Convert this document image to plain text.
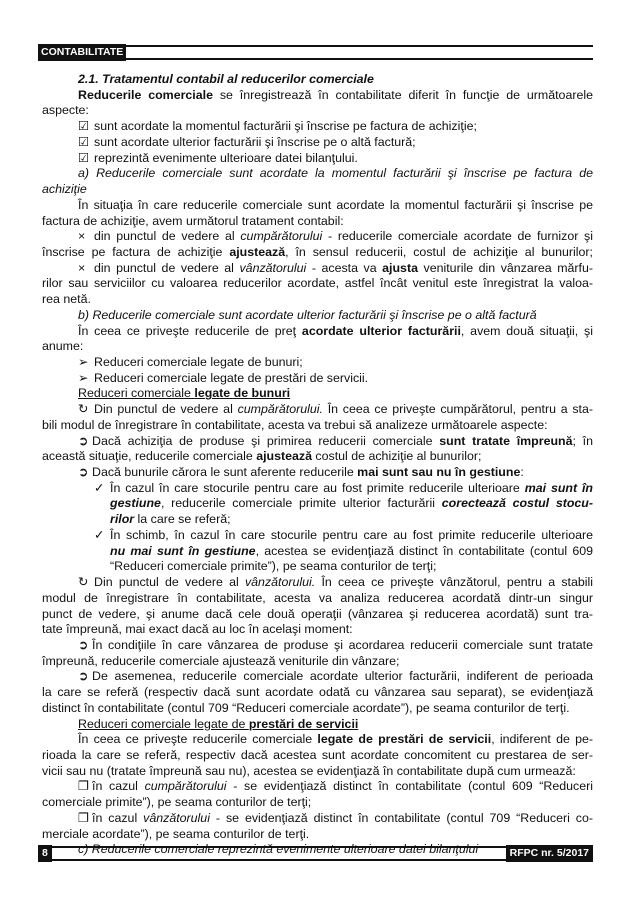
CONTABILITATE
2.1. Tratamentul contabil al reducerilor comerciale
Reducerile comerciale se înregistrează în contabilitate diferit în funcţie de următoarele
aspecte:
sunt acordate la momentul facturării şi înscrise pe factura de achiziţie;
☑
sunt acordate ulterior facturării şi înscrise pe o altă factură;
☑
reprezintă evenimente ulterioare datei bilanţului.
☑
a) Reducerile comerciale sunt acordate la momentul facturării şi înscrise pe factura de
achiziţie
În situaţia în care reducerile comerciale sunt acordate la momentul facturării şi înscrise pe
factura de achiziţie, avem următorul tratament contabil:
din punctul de vedere al cumpărătorului - reducerile comerciale acordate de furnizor şi
×
înscrise pe factura de achiziţie ajustează, în sensul reducerii, costul de achiziţie al bunurilor;
din punctul de vedere al vânzătorului - acesta va ajusta veniturile din vânzarea mărfu-
×
rilor sau serviciilor cu valoarea reducerilor acordate, astfel încât venitul este înregistrat la valoa-
rea netă.
b) Reducerile comerciale sunt acordate ulterior facturării şi înscrise pe o altă factură
În ceea ce priveşte reducerile de preţ acordate ulterior facturării, avem două situaţii, şi
anume:
Reduceri comerciale legate de bunuri;
➢
Reduceri comerciale legate de prestări de servicii.
➢
Reduceri comerciale legate de bunuri
Din punctul de vedere al cumpărătorului. În ceea ce priveşte cumpărătorul, pentru a sta-
↻
bili modul de înregistrare în contabilitate, acesta va trebui să analizeze următoarele aspecte:
Dacă achiziţia de produse şi primirea reducerii comerciale sunt tratate împreună; în
➲
această situaţie, reducerile comerciale ajustează costul de achiziţie al bunurilor;
Dacă bunurile cărora le sunt aferente reducerile mai sunt sau nu în gestiune:
➲
În cazul în care stocurile pentru care au fost primite reducerile ulterioare mai sunt în
✓
gestiune, reducerile comerciale primite ulterior facturării corectează costul stocu-
rilor la care se referă;
În schimb, în cazul în care stocurile pentru care au fost primite reducerile ulterioare
✓
nu mai sunt în gestiune, acestea se evidenţiază distinct în contabilitate (contul 609
“Reduceri comerciale primite”), pe seama conturilor de terţi;
Din punctul de vedere al vânzătorului. În ceea ce priveşte vânzătorul, pentru a stabili
↻
modul de înregistrare în contabilitate, acesta va analiza reducerea acordată dintr-un singur
punct de vedere, şi anume dacă cele două operaţii (vânzarea şi reducerea acordată) sunt tra-
tate împreună, mai exact dacă au loc în acelaşi moment:
În condiţiile în care vânzarea de produse şi acordarea reducerii comerciale sunt tratate
➲
împreună, reducerile comerciale ajustează veniturile din vânzare;
De asemenea, reducerile comerciale acordate ulterior facturării, indiferent de perioada
➲
la care se referă (respectiv dacă sunt acordate odată cu vânzarea sau separat), se evidenţiază
distinct în contabilitate (contul 709 “Reduceri comerciale acordate”), pe seama conturilor de terţi.
Reduceri comerciale legate de prestări de servicii
În ceea ce priveşte reducerile comerciale legate de prestări de servicii, indiferent de pe-
rioada la care se referă, respectiv dacă acestea sunt acordate concomitent cu prestarea de ser-
vicii sau nu (tratate împreună sau nu), acestea se evidenţiază în contabilitate după cum urmează:
în cazul cumpărătorului - se evidenţiază distinct în contabilitate (contul 609 “Reduceri
❐
comerciale primite”), pe seama conturilor de terţi;
în cazul vânzătorului - se evidenţiază distinct în contabilitate (contul 709 “Reduceri co-
❐
merciale acordate”), pe seama conturilor de terţi.
c) Reducerile comerciale reprezintă evenimente ulterioare datei bilanţului
8	RFPC nr. 5/2017
